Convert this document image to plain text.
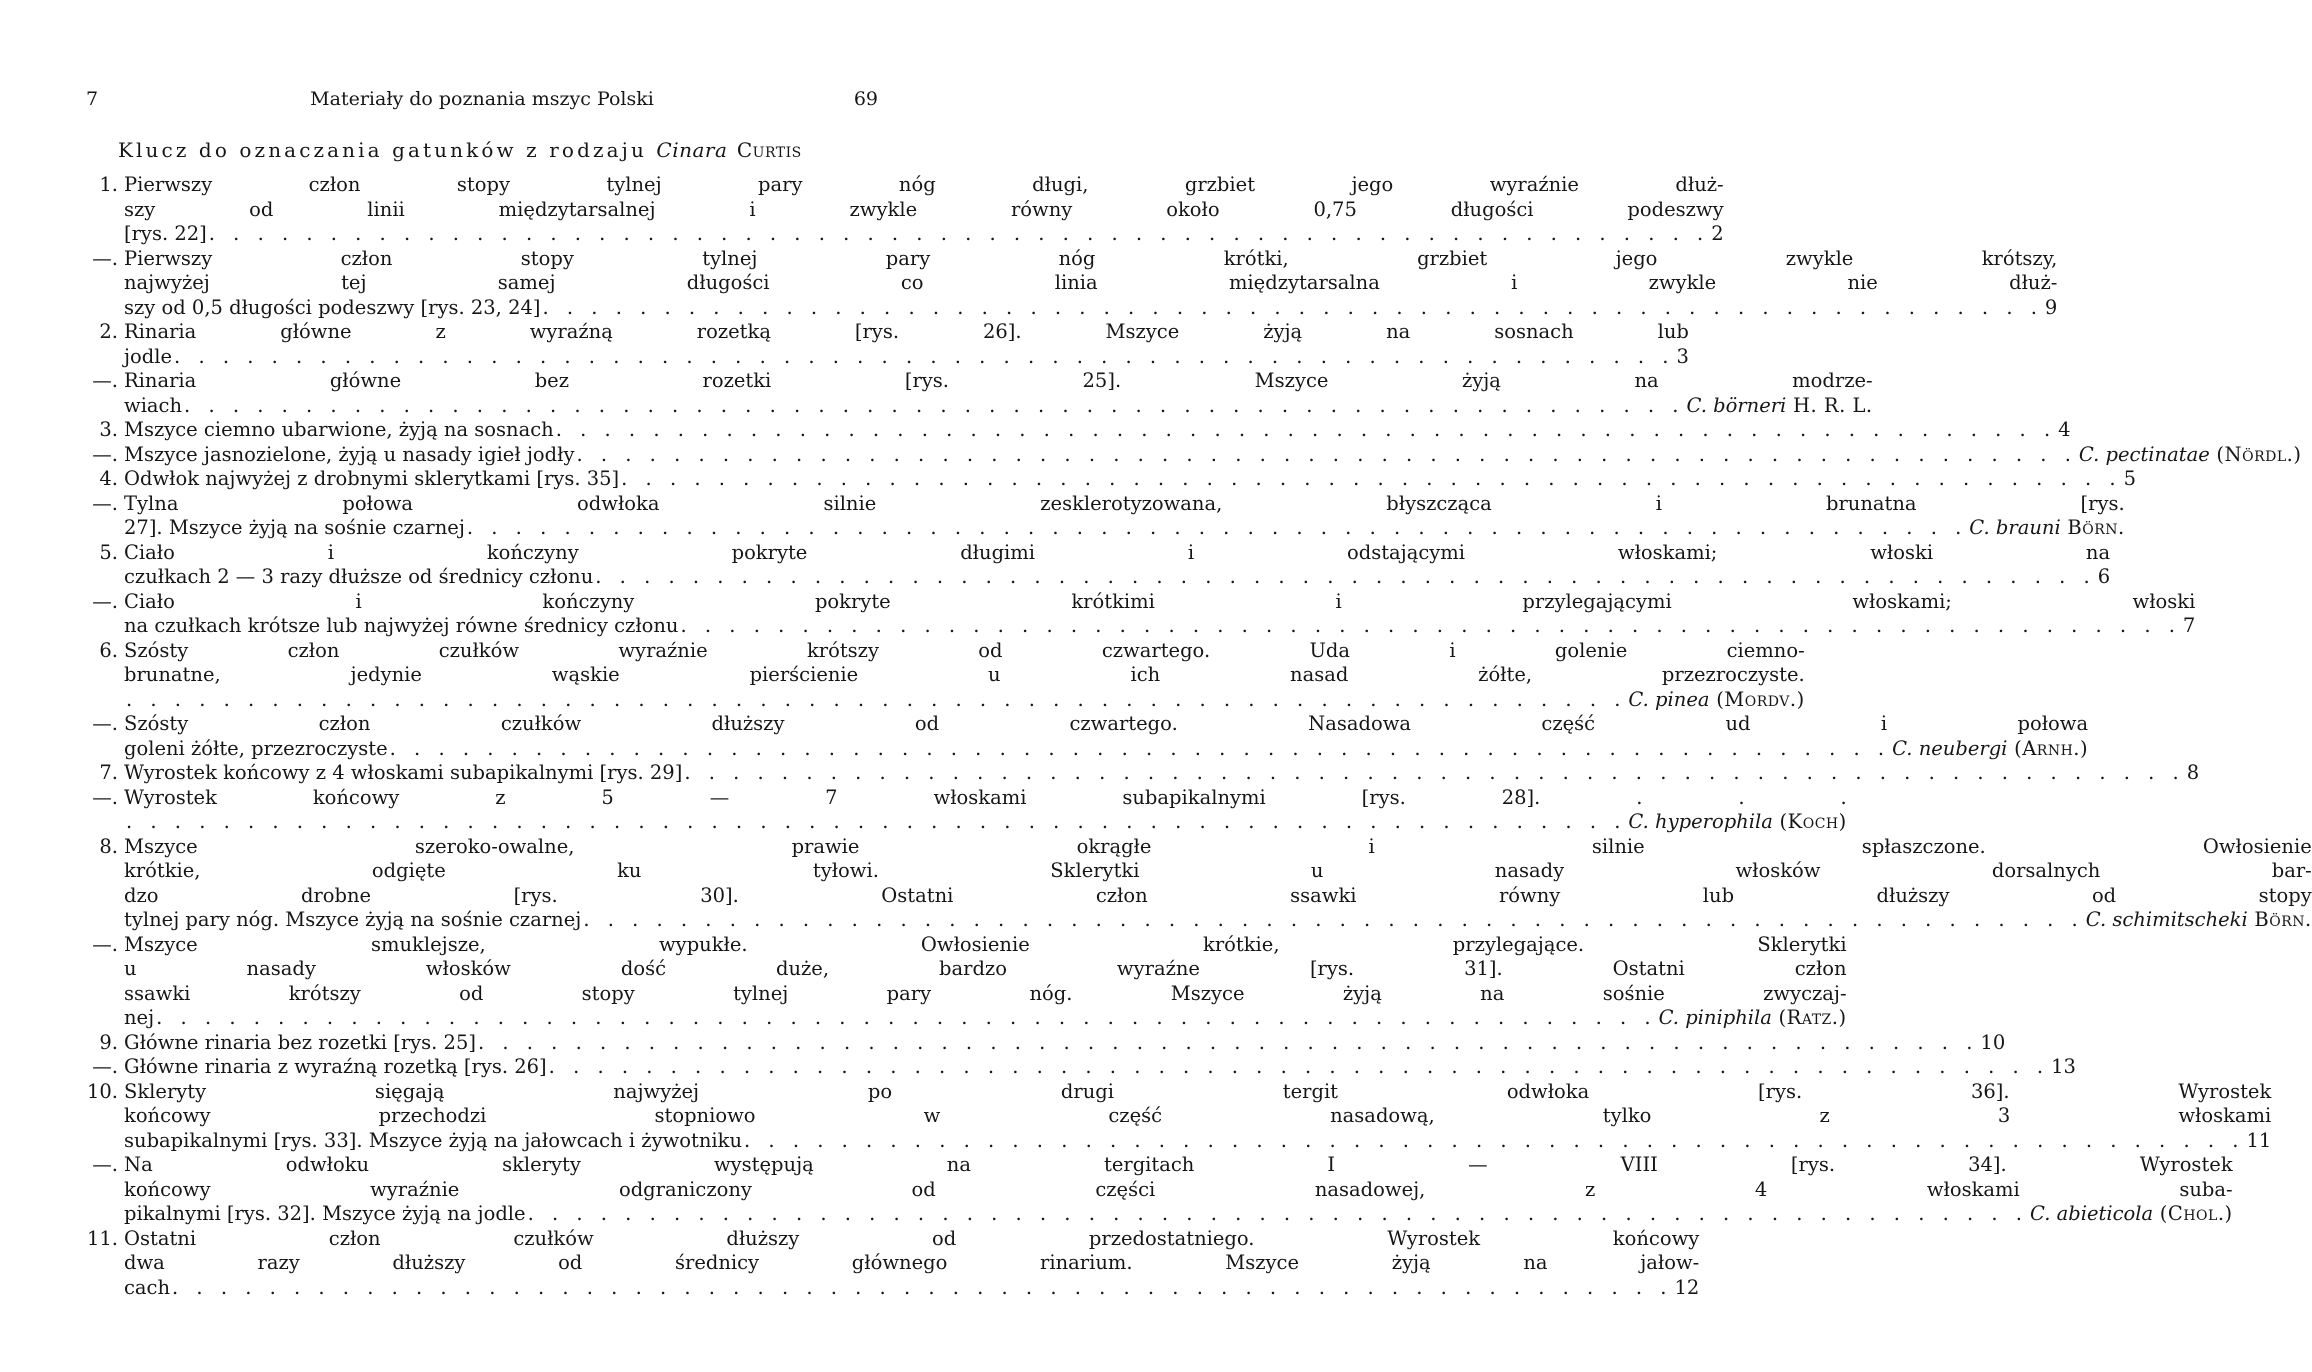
7	Materiały do poznania mszyc Polski	69
Klucz do oznaczania gatunków z rodzaju Cinara Curtis
1. Pierwszy człon stopy tylnej pary nóg długi, grzbiet jego wyraźnie dłuż-
szy od linii międzytarsalnej i zwykle równy około 0,75 długości podeszwy
[rys. 22] . . . . . . . . . . . . . . . . . . . . . . . . . . . . . . . . . . . . . . . . . . . . . . . . . . . . . . . . . . . . . . 2
—. Pierwszy człon stopy tylnej pary nóg krótki, grzbiet jego zwykle krótszy,
najwyżej tej samej długości co linia międzytarsalna i zwykle nie dłuż-
szy od 0,5 długości podeszwy [rys. 23, 24] . . . . . . . . . . . . . . . . . . . . . . . . . . . . . . . . . . . . . . . . . . . . . . . . . . . . . . . . . . . . . . 9
2. Rinaria główne z wyraźną rozetką [rys. 26]. Mszyce żyją na sosnach lub
jodle . . . . . . . . . . . . . . . . . . . . . . . . . . . . . . . . . . . . . . . . . . . . . . . . . . . . . . . . . . . . . . 3
—. Rinaria główne bez rozetki [rys. 25]. Mszyce żyją na modrze-
wiach . . . . . . . . . . . . . . . . . . . . . . . . . . . . . . . . . . . . . . . . . . . . . . . . . . . . . . . . . . . . . . C. börneri H. R. L.
3. Mszyce ciemno ubarwione, żyją na sosnach . . . . . . . . . . . . . . . . . . . . . . . . . . . . . . . . . . . . . . . . . . . . . . . . . . . . . . . . . . . . . . 4
—. Mszyce jasnozielone, żyją u nasady igieł jodły . . . . . . . . . . . . . . . . . . . . . . . . . . . . . . . . . . . . . . . . . . . . . . . . . . . . . . . . . . . . . . C. pectinatae (Nördl.)
4. Odwłok najwyżej z drobnymi sklerytkami [rys. 35] . . . . . . . . . . . . . . . . . . . . . . . . . . . . . . . . . . . . . . . . . . . . . . . . . . . . . . . . . . . . . . 5
—. Tylna połowa odwłoka silnie zesklerotyzowana, błyszcząca i brunatna [rys.
27]. Mszyce żyją na sośnie czarnej . . . . . . . . . . . . . . . . . . . . . . . . . . . . . . . . . . . . . . . . . . . . . . . . . . . . . . . . . . . . . . C. brauni Börn.
5. Ciało i kończyny pokryte długimi i odstającymi włoskami; włoski na
czułkach 2 — 3 razy dłuższe od średnicy członu . . . . . . . . . . . . . . . . . . . . . . . . . . . . . . . . . . . . . . . . . . . . . . . . . . . . . . . . . . . . . . 6
—. Ciało i kończyny pokryte krótkimi i przylegającymi włoskami; włoski
na czułkach krótsze lub najwyżej równe średnicy członu . . . . . . . . . . . . . . . . . . . . . . . . . . . . . . . . . . . . . . . . . . . . . . . . . . . . . . . . . . . . . . 7
6. Szósty człon czułków wyraźnie krótszy od czwartego. Uda i golenie ciemno-
brunatne, jedynie wąskie pierścienie u ich nasad żółte, przezroczyste.
. . . . . . . . . . . . . . . . . . . . . . . . . . . . . . . . . . . . . . . . . . . . . . . . . . . . . . . . . . . . . . C. pinea (Mordv.)
—. Szósty człon czułków dłuższy od czwartego. Nasadowa część ud i połowa
goleni żółte, przezroczyste . . . . . . . . . . . . . . . . . . . . . . . . . . . . . . . . . . . . . . . . . . . . . . . . . . . . . . . . . . . . . . C. neubergi (Arnh.)
7. Wyrostek końcowy z 4 włoskami subapikalnymi [rys. 29] . . . . . . . . . . . . . . . . . . . . . . . . . . . . . . . . . . . . . . . . . . . . . . . . . . . . . . . . . . . . . . 8
—. Wyrostek końcowy z 5 — 7 włoskami subapikalnymi [rys. 28]. . . .
. . . . . . . . . . . . . . . . . . . . . . . . . . . . . . . . . . . . . . . . . . . . . . . . . . . . . . . . . . . . . . C. hyperophila (Koch)
8. Mszyce szeroko-owalne, prawie okrągłe i silnie spłaszczone. Owłosienie
krótkie, odgięte ku tyłowi. Sklerytki u nasady włosków dorsalnych bar-
dzo drobne [rys. 30]. Ostatni człon ssawki równy lub dłuższy od stopy
tylnej pary nóg. Mszyce żyją na sośnie czarnej . . . . . . . . . . . . . . . . . . . . . . . . . . . . . . . . . . . . . . . . . . . . . . . . . . . . . . . . . . . . . . C. schimitscheki Börn.
—. Mszyce smuklejsze, wypukłe. Owłosienie krótkie, przylegające. Sklerytki
u nasady włosków dość duże, bardzo wyraźne [rys. 31]. Ostatni człon
ssawki krótszy od stopy tylnej pary nóg. Mszyce żyją na sośnie zwyczaj-
nej . . . . . . . . . . . . . . . . . . . . . . . . . . . . . . . . . . . . . . . . . . . . . . . . . . . . . . . . . . . . . . C. piniphila (Ratz.)
9. Główne rinaria bez rozetki [rys. 25] . . . . . . . . . . . . . . . . . . . . . . . . . . . . . . . . . . . . . . . . . . . . . . . . . . . . . . . . . . . . . . 10
—. Główne rinaria z wyraźną rozetką [rys. 26] . . . . . . . . . . . . . . . . . . . . . . . . . . . . . . . . . . . . . . . . . . . . . . . . . . . . . . . . . . . . . . 13
10. Skleryty sięgają najwyżej po drugi tergit odwłoka [rys. 36]. Wyrostek
końcowy przechodzi stopniowo w część nasadową, tylko z 3 włoskami
subapikalnymi [rys. 33]. Mszyce żyją na jałowcach i żywotniku . . . . . . . . . . . . . . . . . . . . . . . . . . . . . . . . . . . . . . . . . . . . . . . . . . . . . . . . . . . . . . 11
—. Na odwłoku skleryty występują na tergitach I — VIII [rys. 34]. Wyrostek
końcowy wyraźnie odgraniczony od części nasadowej, z 4 włoskami suba-
pikalnymi [rys. 32]. Mszyce żyją na jodle . . . . . . . . . . . . . . . . . . . . . . . . . . . . . . . . . . . . . . . . . . . . . . . . . . . . . . . . . . . . . . C. abieticola (Chol.)
11. Ostatni człon czułków dłuższy od przedostatniego. Wyrostek końcowy
dwa razy dłuższy od średnicy głównego rinarium. Mszyce żyją na jałow-
cach . . . . . . . . . . . . . . . . . . . . . . . . . . . . . . . . . . . . . . . . . . . . . . . . . . . . . . . . . . . . . . 12
